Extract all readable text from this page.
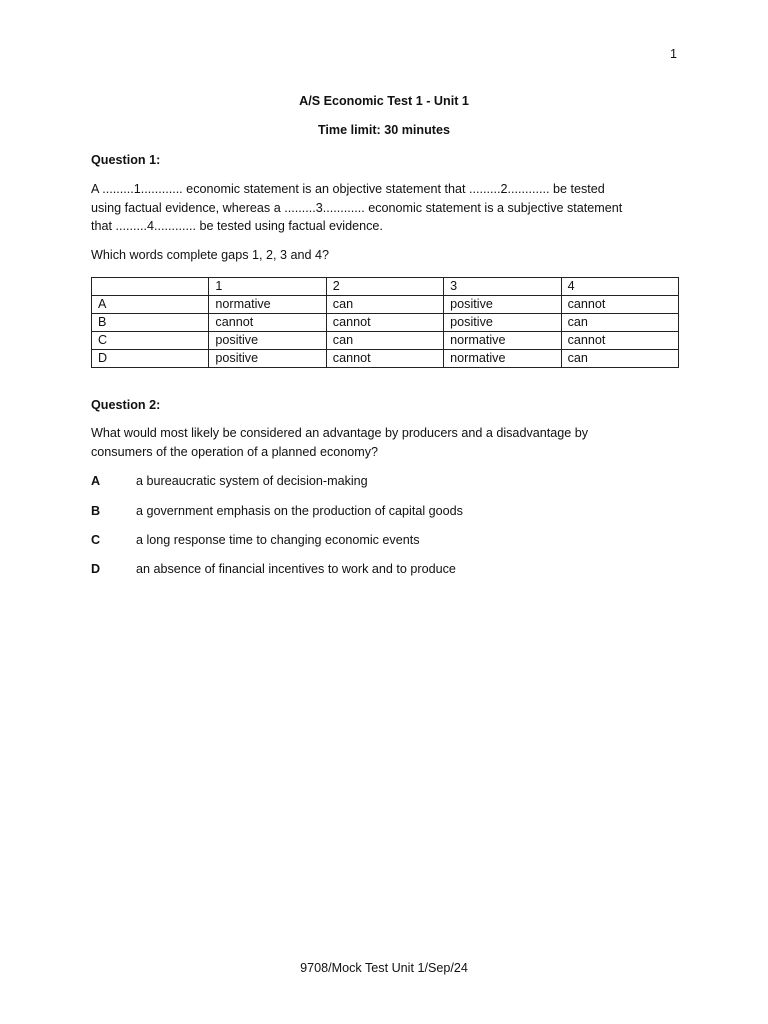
1
A/S Economic Test 1 - Unit 1
Time limit: 30 minutes
Question 1:
A .........1............ economic statement is an objective statement that .........2............ be tested
using factual evidence, whereas a .........3............ economic statement is a subjective statement
that .........4............ be tested using factual evidence.
Which words complete gaps 1, 2, 3 and 4?
	1	2	3	4
A	normative	can	positive	cannot
B	cannot	cannot	positive	can
C	positive	can	normative	cannot
D	positive	cannot	normative	can
Question 2:
What would most likely be considered an advantage by producers and a disadvantage by
consumers of the operation of a planned economy?
A	a bureaucratic system of decision-making
B	a government emphasis on the production of capital goods
C	a long response time to changing economic events
D	an absence of financial incentives to work and to produce
9708/Mock Test Unit 1/Sep/24
